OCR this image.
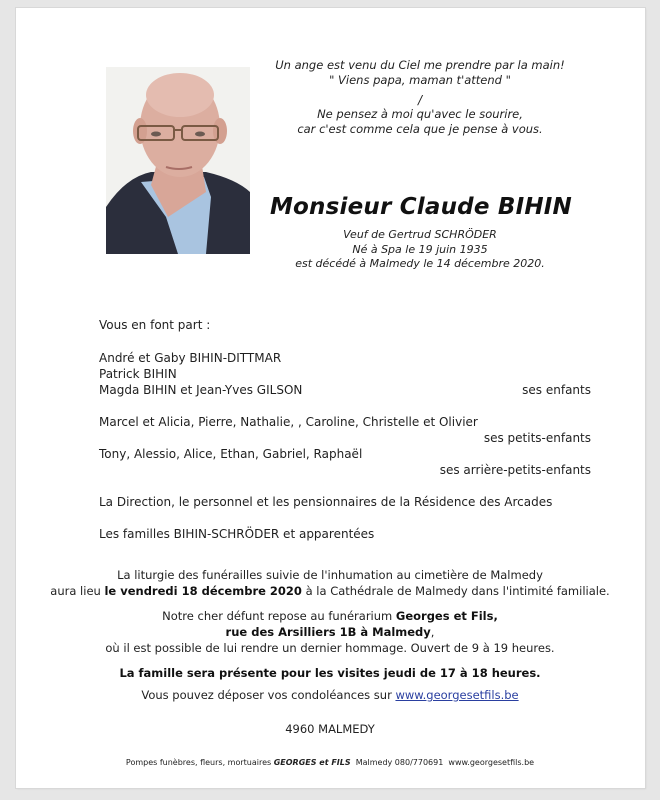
Un ange est venu du Ciel me prendre par la main!
" Viens papa, maman t'attend "
/
Ne pensez à moi qu'avec le sourire,
car c'est comme cela que je pense à vous.
Monsieur Claude BIHIN
Veuf de Gertrud SCHRÖDER
Né à Spa le 19 juin 1935
est décédé à Malmedy le 14 décembre 2020.
Vous en font part :
André et Gaby BIHIN-DITTMAR
Patrick BIHIN
Magda BIHIN et Jean-Yves GILSON	ses enfants
Marcel et Alicia, Pierre, Nathalie, , Caroline, Christelle et Olivier
ses petits-enfants
Tony, Alessio, Alice, Ethan, Gabriel, Raphaël
ses arrière-petits-enfants
La Direction, le personnel et les pensionnaires de la Résidence des Arcades
Les familles BIHIN-SCHRÖDER et apparentées
La liturgie des funérailles suivie de l'inhumation au cimetière de Malmedy
aura lieu le vendredi 18 décembre 2020 à la Cathédrale de Malmedy dans l'intimité familiale.
Notre cher défunt repose au funérarium Georges et Fils,
rue des Arsilliers 1B à Malmedy,
où il est possible de lui rendre un dernier hommage. Ouvert de 9 à 19 heures.
La famille sera présente pour les visites jeudi de 17 à 18 heures.
Vous pouvez déposer vos condoléances sur www.georgesetfils.be
4960 MALMEDY
Pompes funèbres, fleurs, mortuaires GEORGES et FILS  Malmedy 080/770691  www.georgesetfils.be
